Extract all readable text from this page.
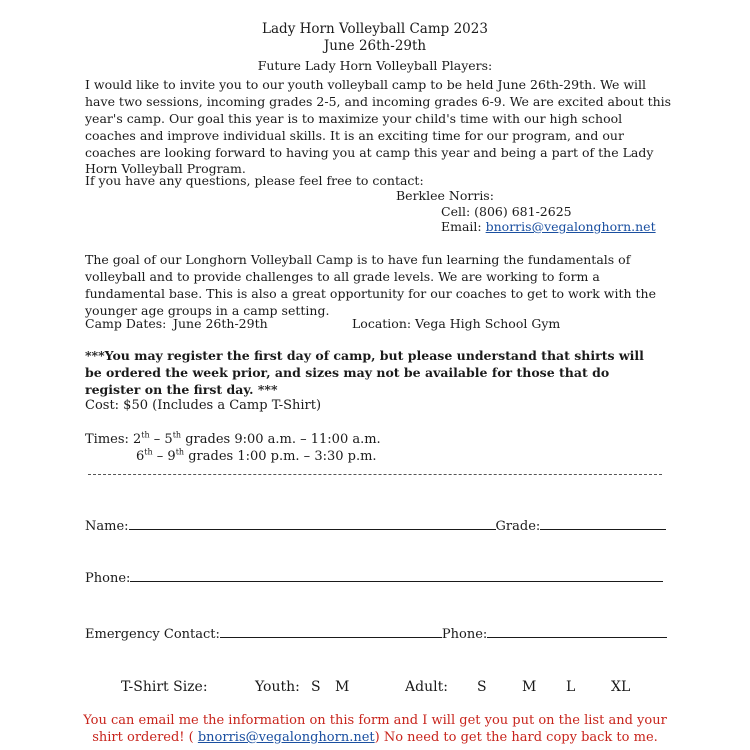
Lady Horn Volleyball Camp 2023
June 26th-29th
Future Lady Horn Volleyball Players:

I would like to invite you to our youth volleyball camp to be held June 26th-29th. We will have two sessions, incoming grades 2-5, and incoming grades 6-9. We are excited about this year's camp. Our goal this year is to maximize your child's time with our high school coaches and improve individual skills. It is an exciting time for our program, and our coaches are looking forward to having you at camp this year and being a part of the Lady Horn Volleyball Program.

If you have any questions, please feel free to contact:
Berklee Norris:
Cell: (806) 681-2625
Email: bnorris@vegalonghorn.net

The goal of our Longhorn Volleyball Camp is to have fun learning the fundamentals of volleyball and to provide challenges to all grade levels. We are working to form a fundamental base. This is also a great opportunity for our coaches to get to work with the younger age groups in a camp setting.

Camp Dates: June 26th-29th	Location: Vega High School Gym

***You may register the first day of camp, but please understand that shirts will be ordered the week prior, and sizes may not be available for those that do register on the first day. ***

Cost: $50 (Includes a Camp T-Shirt)
Times: 2th – 5th grades 9:00 a.m. – 11:00 a.m.
6th – 9th grades 1:00 p.m. – 3:30 p.m.
Name:	Grade:
Phone:
Emergency Contact:	Phone:
T-Shirt Size:	Youth: S M	Adult: S	M L	XL
You can email me the information on this form and I will get you put on the list and your
shirt ordered! ( bnorris@vegalonghorn.net) No need to get the hard copy back to me.
